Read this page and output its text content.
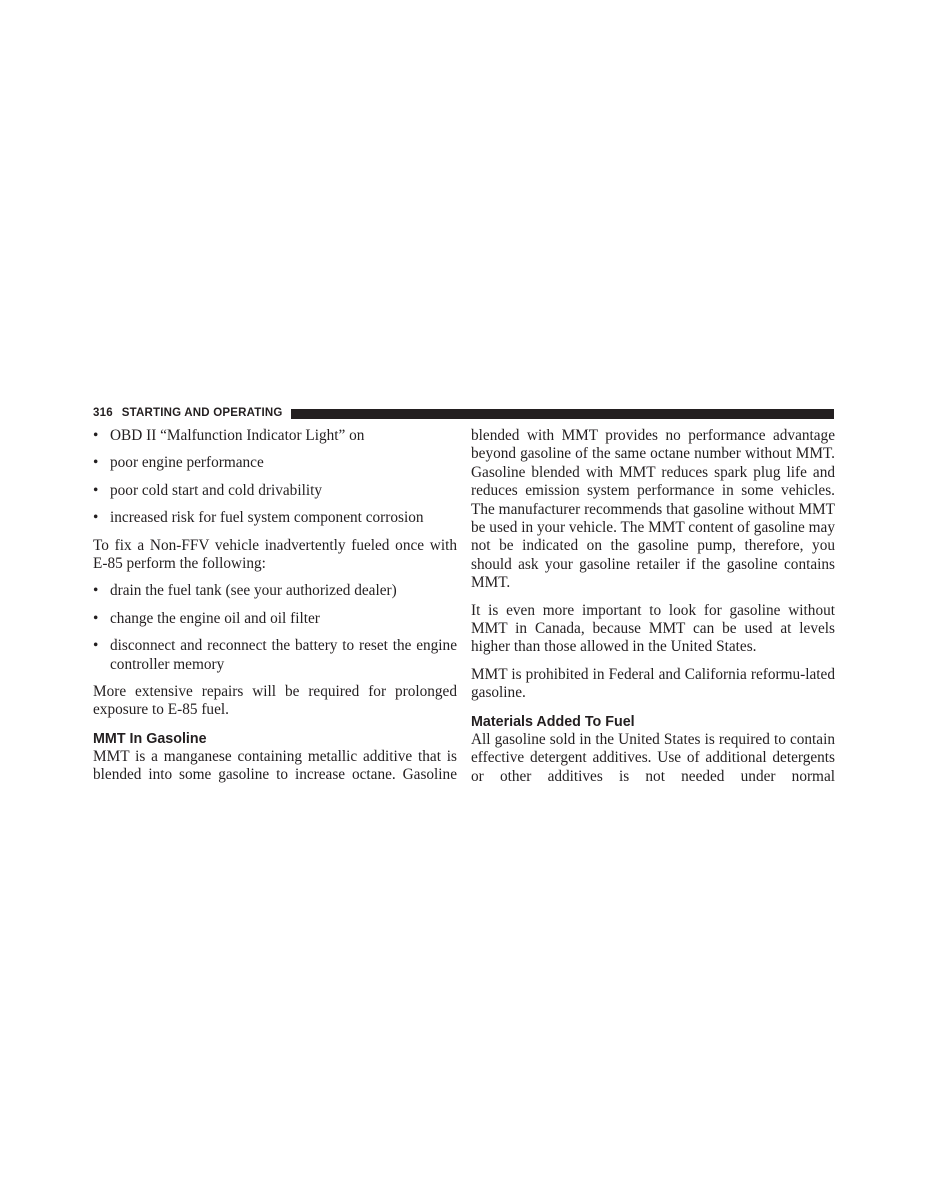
316 STARTING AND OPERATING
• OBD II “Malfunction Indicator Light” on
• poor engine performance
• poor cold start and cold drivability
• increased risk for fuel system component corrosion

To fix a Non-FFV vehicle inadvertently fueled once with E-85 perform the following:

• drain the fuel tank (see your authorized dealer)
• change the engine oil and oil filter
• disconnect and reconnect the battery to reset the engine controller memory

More extensive repairs will be required for prolonged exposure to E-85 fuel.

MMT In Gasoline

MMT is a manganese containing metallic additive that is blended into some gasoline to increase octane. Gasoline

blended with MMT provides no performance advantage beyond gasoline of the same octane number without MMT. Gasoline blended with MMT reduces spark plug life and reduces emission system performance in some vehicles. The manufacturer recommends that gasoline without MMT be used in your vehicle. The MMT content of gasoline may not be indicated on the gasoline pump, therefore, you should ask your gasoline retailer if the gasoline contains MMT.

It is even more important to look for gasoline without MMT in Canada, because MMT can be used at levels higher than those allowed in the United States.

MMT is prohibited in Federal and California reformu-lated gasoline.

Materials Added To Fuel

All gasoline sold in the United States is required to contain effective detergent additives. Use of additional detergents or other additives is not needed under normal
